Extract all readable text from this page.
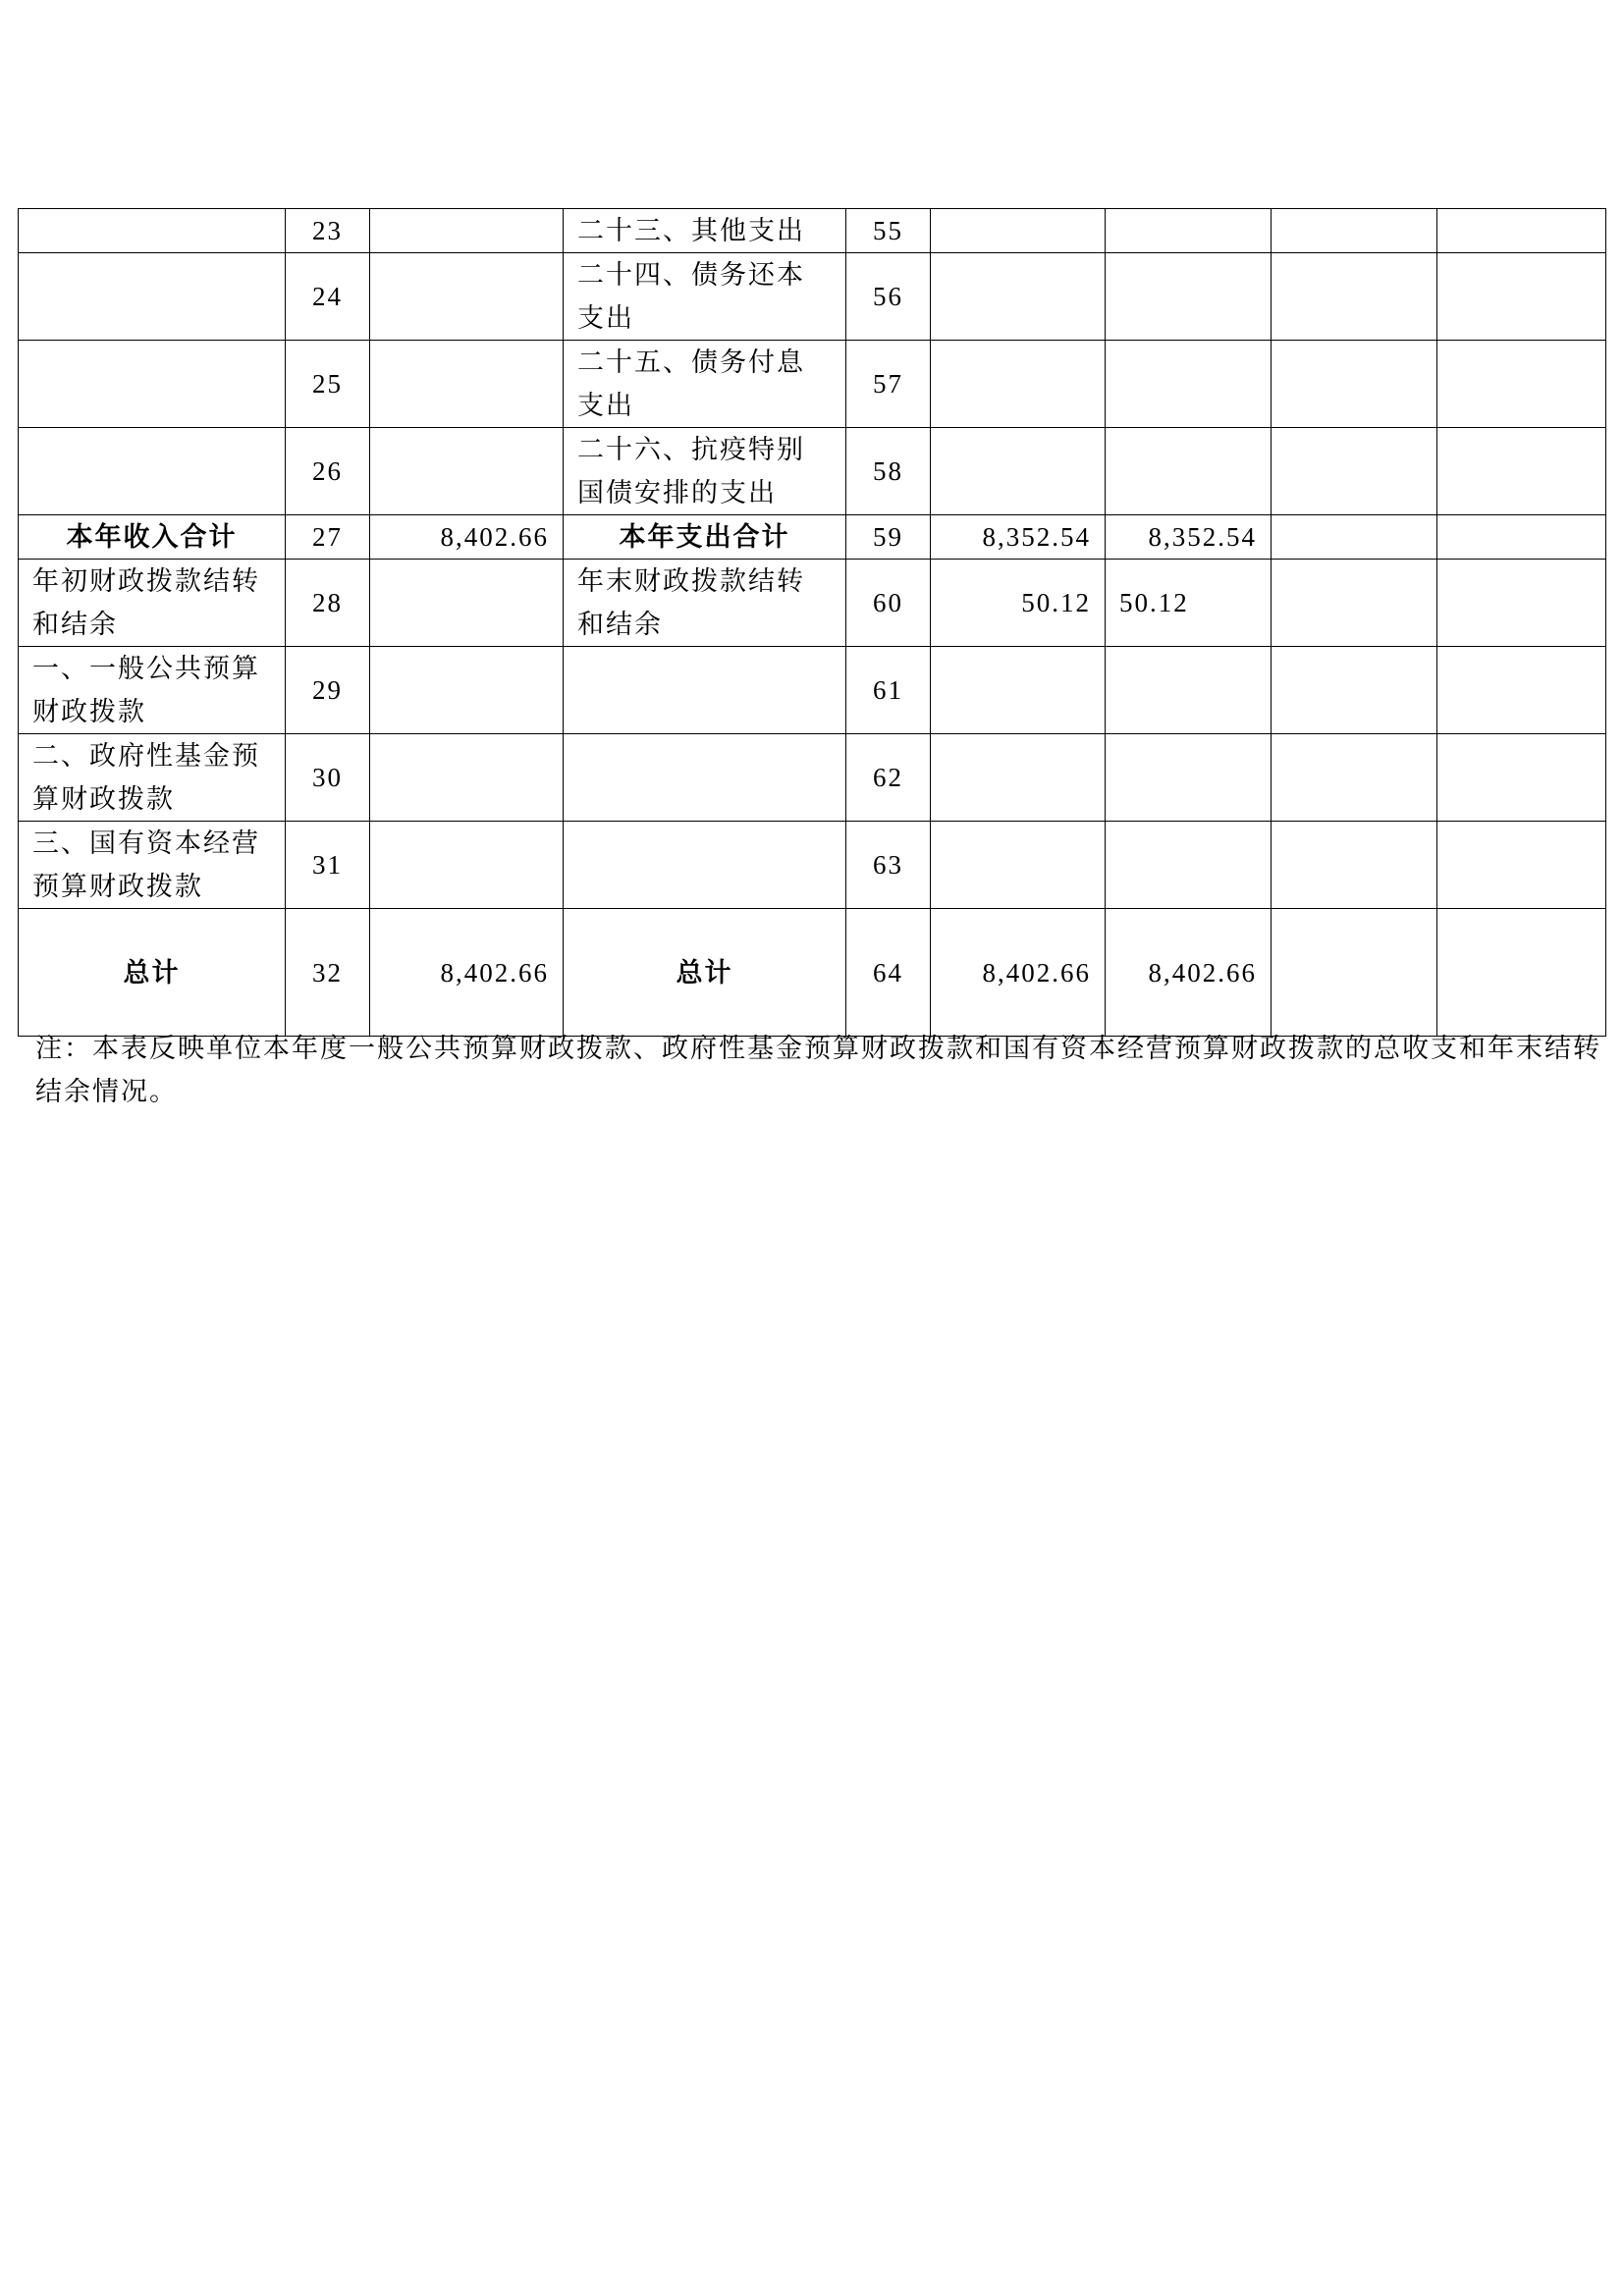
	23		二十三、其他支出	55				
	24		二十四、债务还本支出	56				
	25		二十五、债务付息支出	57				
	26		二十六、抗疫特别国债安排的支出	58				
本年收入合计	27	8,402.66	本年支出合计	59	8,352.54	8,352.54		
年初财政拨款结转和结余	28		年末财政拨款结转和结余	60	50.12	50.12		
一、一般公共预算财政拨款	29			61				
二、政府性基金预算财政拨款	30			62				
三、国有资本经营预算财政拨款	31			63				
总计	32	8,402.66	总计	64	8,402.66	8,402.66		
注：本表反映单位本年度一般公共预算财政拨款、政府性基金预算财政拨款和国有资本经营预算财政拨款的总收支和年末结转结余情况。
